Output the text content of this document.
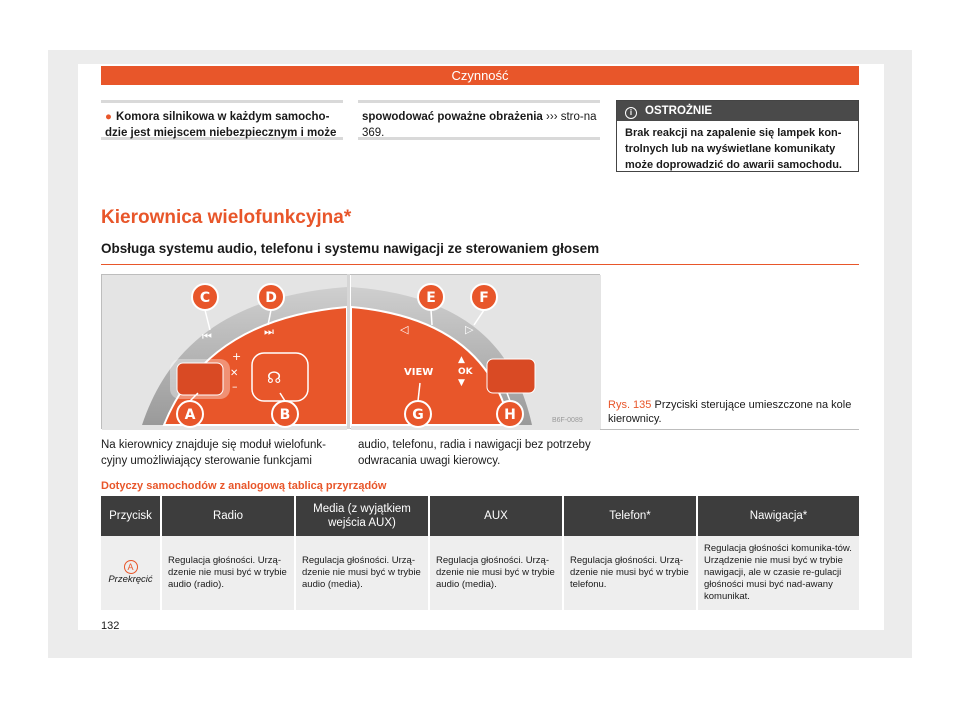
Czynność
● Komora silnikowa w każdym samocho-dzie jest miejscem niebezpiecznym i może
spowodować poważne obrażenia ››› stro-na 369.
i OSTROŻNIE
Brak reakcji na zapalenie się lampek kon-trolnych lub na wyświetlane komunikaty może doprowadzić do awarii samochodu.
Kierownica wielofunkcyjna*
Obsługa systemu audio, telefonu i systemu nawigacji ze sterowaniem głosem
+
–
✕ ☊
⏮	⏭
VIEW	OK
▲
▼
◁	▷
C	D
A	B
E	F
G	H	B6F-0089
Rys. 135 Przyciski sterujące umieszczone na kole kierownicy.
Na kierownicy znajduje się moduł wielofunk-cyjny umożliwiający sterowanie funkcjami
audio, telefonu, radia i nawigacji bez potrzeby odwracania uwagi kierowcy.
Dotyczy samochodów z analogową tablicą przyrządów
Przycisk	Radio	Media (z wyjątkiem wejścia AUX)	AUX	Telefon*	Nawigacja*
A
Przekręcić	Regulacja głośności. Urzą-dzenie nie musi być w trybie audio (radio).	Regulacja głośności. Urzą-dzenie nie musi być w trybie audio (media).	Regulacja głośności. Urzą-dzenie nie musi być w trybie audio (media).	Regulacja głośności. Urzą-dzenie nie musi być w trybie telefonu.	Regulacja głośności komunika-tów. Urządzenie nie musi być w trybie nawigacji, ale w czasie re-gulacji głośności musi być nad-awany komunikat.
132
